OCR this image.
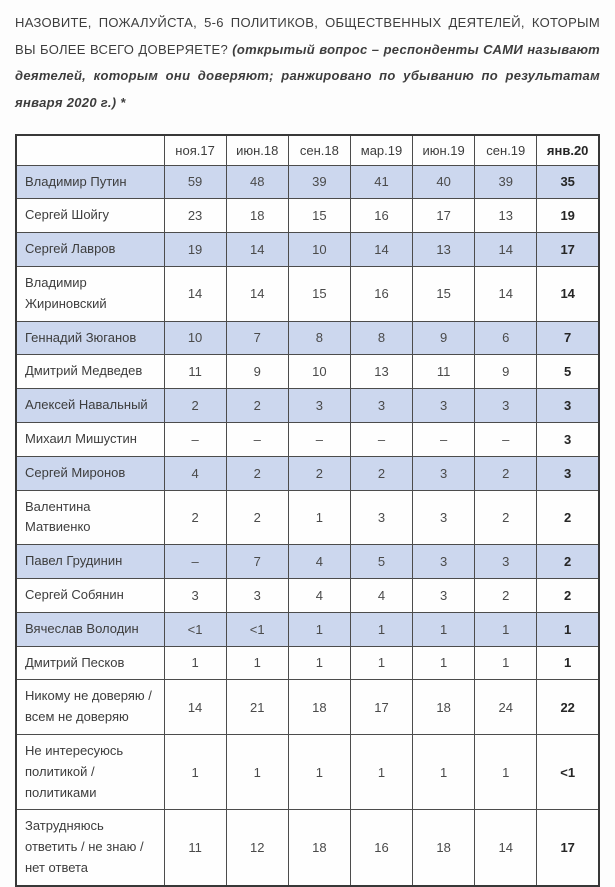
НАЗОВИТЕ, ПОЖАЛУЙСТА, 5-6 ПОЛИТИКОВ, ОБЩЕСТВЕННЫХ ДЕЯТЕЛЕЙ, КОТОРЫМ ВЫ БОЛЕЕ ВСЕГО ДОВЕРЯЕТЕ? (открытый вопрос – респонденты САМИ называют деятелей, которым они доверяют; ранжировано по убыванию по результатам января 2020 г.) *

	ноя.17	июн.18	сен.18	мар.19	июн.19	сен.19	янв.20
Владимир Путин	59	48	39	41	40	39	35
Сергей Шойгу	23	18	15	16	17	13	19
Сергей Лавров	19	14	10	14	13	14	17
Владимир Жириновский	14	14	15	16	15	14	14
Геннадий Зюганов	10	7	8	8	9	6	7
Дмитрий Медведев	11	9	10	13	11	9	5
Алексей Навальный	2	2	3	3	3	3	3
Михаил Мишустин	–	–	–	–	–	–	3
Сергей Миронов	4	2	2	2	3	2	3
Валентина Матвиенко	2	2	1	3	3	2	2
Павел Грудинин	–	7	4	5	3	3	2
Сергей Собянин	3	3	4	4	3	2	2
Вячеслав Володин	<1	<1	1	1	1	1	1
Дмитрий Песков	1	1	1	1	1	1	1
Никому не доверяю / всем не доверяю	14	21	18	17	18	24	22
Не интересуюсь политикой / политиками	1	1	1	1	1	1	<1
Затрудняюсь ответить / не знаю / нет ответа	11	12	18	16	18	14	17
